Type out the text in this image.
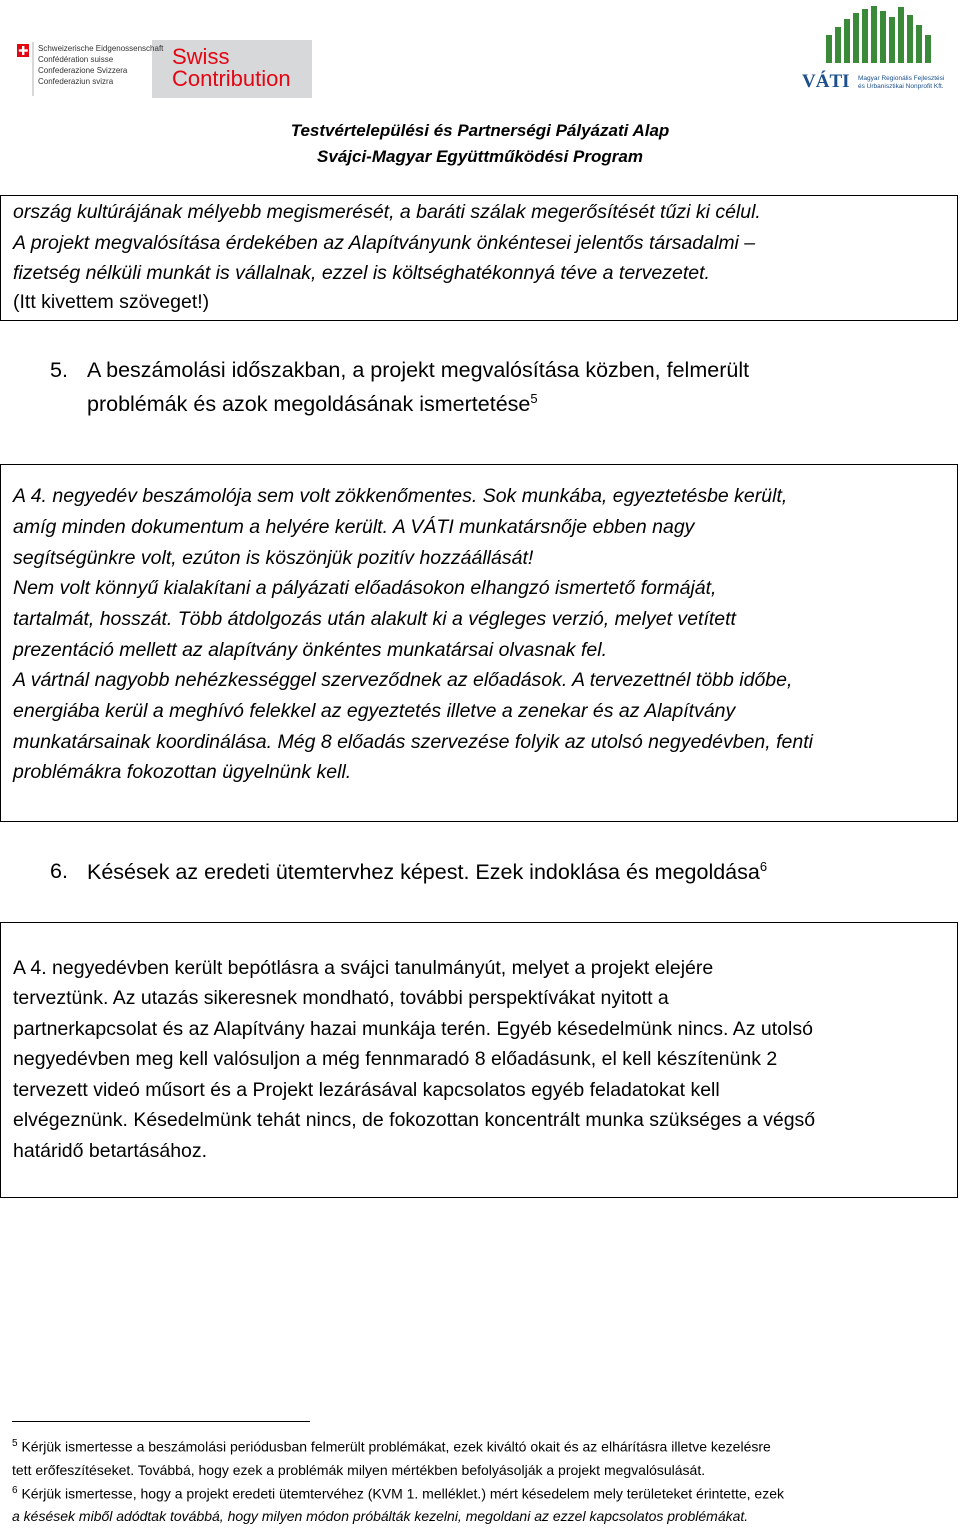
Schweizerische Eidgenossenschaft
Confédération suisse
Confederazione Svizzera
Confederaziun svizra
Swiss
Contribution	VÁTI Magyar Regionális Fejlesztési
és Urbanisztikai Nonprofit Kft.
Testvértelepülési és Partnerségi Pályázati Alap
Svájci-Magyar Együttműködési Program
ország kultúrájának mélyebb megismerését, a baráti szálak megerősítését tűzi ki célul.
A projekt megvalósítása érdekében az Alapítványunk önkéntesei jelentős társadalmi –
fizetség nélküli munkát is vállalnak, ezzel is költséghatékonnyá téve a tervezetet.
(Itt kivettem szöveget!)
5. A beszámolási időszakban, a projekt megvalósítása közben, felmerült
problémák és azok megoldásának ismertetése$^5$
A 4. negyedév beszámolója sem volt zökkenőmentes. Sok munkába, egyeztetésbe került,
amíg minden dokumentum a helyére került. A VÁTI munkatársnője ebben nagy
segítségünkre volt, ezúton is köszönjük pozitív hozzáállását!
Nem volt könnyű kialakítani a pályázati előadásokon elhangzó ismertető formáját,
tartalmát, hosszát. Több átdolgozás után alakult ki a végleges verzió, melyet vetített
prezentáció mellett az alapítvány önkéntes munkatársai olvasnak fel.
A vártnál nagyobb nehézkességgel szerveződnek az előadások. A tervezettnél több időbe,
energiába kerül a meghívó felekkel az egyeztetés illetve a zenekar és az Alapítvány
munkatársainak koordinálása. Még 8 előadás szervezése folyik az utolsó negyedévben, fenti
problémákra fokozottan ügyelnünk kell.
6. Késések az eredeti ütemtervhez képest. Ezek indoklása és megoldása$^6$
A 4. negyedévben került bepótlásra a svájci tanulmányút, melyet a projekt elejére
terveztünk. Az utazás sikeresnek mondható, további perspektívákat nyitott a
partnerkapcsolat és az Alapítvány hazai munkája terén. Egyéb késedelmünk nincs. Az utolsó
negyedévben meg kell valósuljon a még fennmaradó 8 előadásunk, el kell készítenünk 2
tervezett videó műsort és a Projekt lezárásával kapcsolatos egyéb feladatokat kell
elvégeznünk. Késedelmünk tehát nincs, de fokozottan koncentrált munka szükséges a végső
határidő betartásához.
$^5$ Kérjük ismertesse a beszámolási periódusban felmerült problémákat, ezek kiváltó okait és az elhárításra illetve kezelésre
tett erőfeszítéseket. Továbbá, hogy ezek a problémák milyen mértékben befolyásolják a projekt megvalósulását.
$^6$ Kérjük ismertesse, hogy a projekt eredeti ütemtervéhez (KVM 1. melléklet.) mért késedelem mely területeket érintette, ezek
a késések miből adódtak továbbá, hogy milyen módon próbálták kezelni, megoldani az ezzel kapcsolatos problémákat.
